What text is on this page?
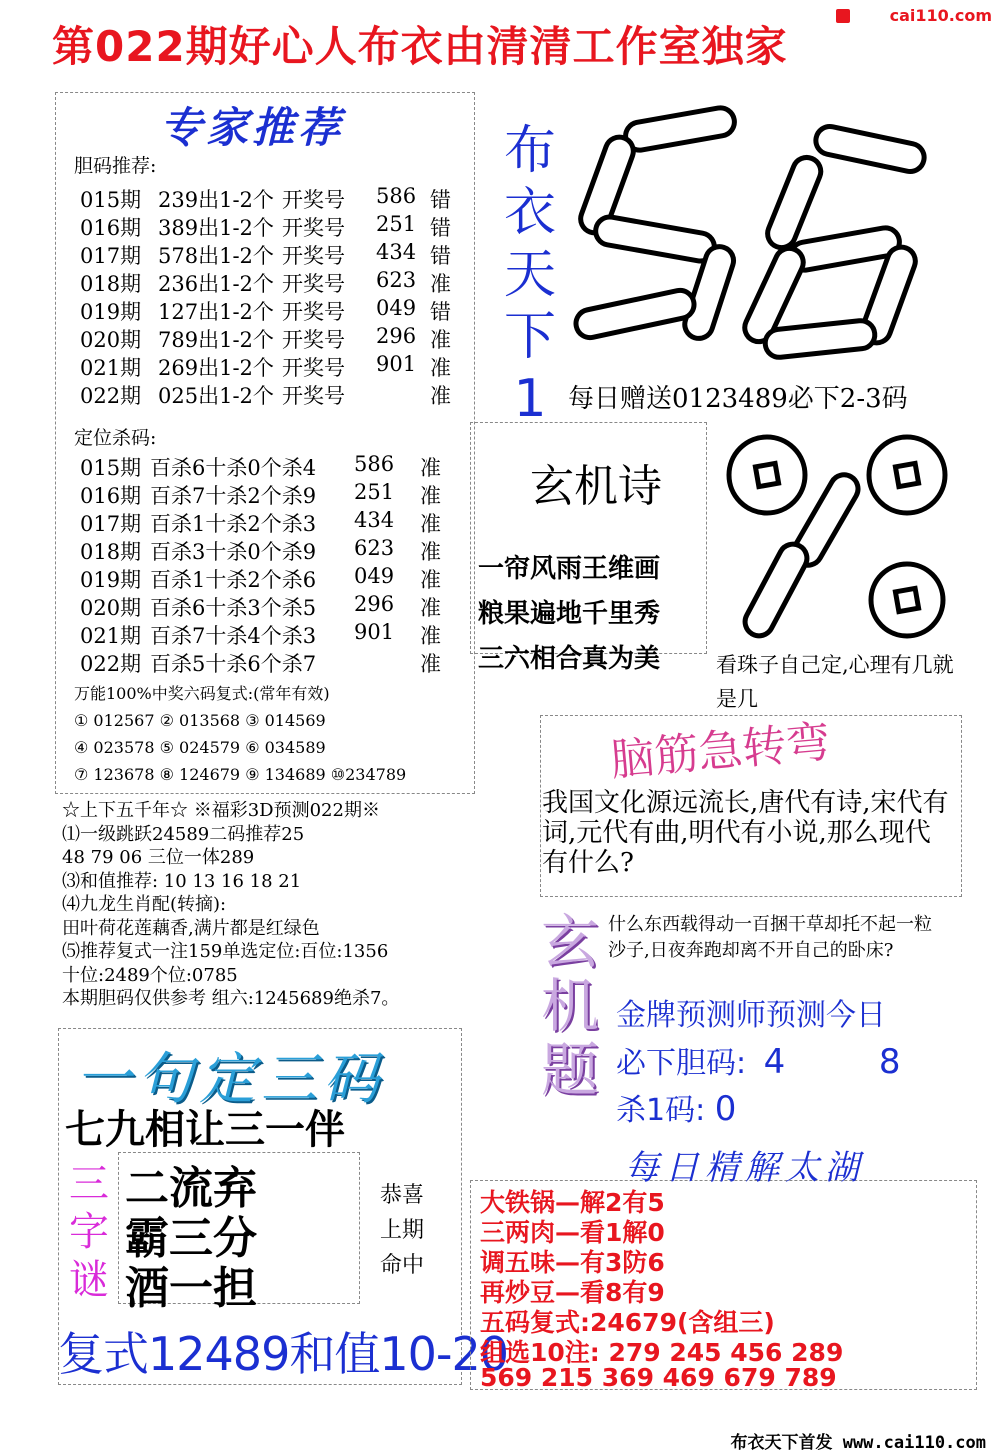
第022期好心人布衣由清清工作室独家
cai110.com
专家推荐
胆码推荐:
015期 239出1-2个 开奖号 586 错
016期 389出1-2个 开奖号 251 错
017期 578出1-2个 开奖号 434 错
018期 236出1-2个 开奖号 623 准
019期 127出1-2个 开奖号 049 错
020期 789出1-2个 开奖号 296 准
021期 269出1-2个 开奖号 901 准
022期 025出1-2个 开奖号	准
定位杀码:
015期 百杀6十杀0个杀4 586 准
016期 百杀7十杀2个杀9 251 准
017期 百杀1十杀2个杀3 434 准
018期 百杀3十杀0个杀9 623 准
019期 百杀1十杀2个杀6 049 准
020期 百杀6十杀3个杀5 296 准
021期 百杀7十杀4个杀3 901 准
022期 百杀5十杀6个杀7	准
万能100%中奖六码复式:(常年有效)
① 012567 ② 013568 ③ 014569
④ 023578 ⑤ 024579 ⑥ 034589
⑦ 123678 ⑧ 124679 ⑨ 134689 ⑩234789
☆上下五千年☆ ※福彩3D预测022期※
⑴一级跳跃24589二码推荐25
48 79 06 三位一体289
⑶和值推荐: 10 13 16 18 21
⑷九龙生肖配(转摘):
田叶荷花莲藕香,满片都是红绿色
⑸推荐复式一注159单选定位:百位:1356
十位:2489个位:0785
本期胆码仅供参考 组六:1245689绝杀7。
一句定三码
七九相让三一伴
三
字
谜
二流弃
霸三分
酒一担
恭喜
上期
命中
复式12489和值10-20
布
衣
天
下
1 每日赠送0123489必下2-3码
玄机诗
一帘风雨王维画
粮果遍地千里秀
三六相合真为美	看珠子自己定,心理有几就是几
脑筋急转弯
我国文化源远流长,唐代有诗,宋代有词,元代有曲,明代有小说,那么现代有什么?
玄
机
题
什么东西载得动一百捆干草却托不起一粒沙子,日夜奔跑却离不开自己的卧床?
金牌预测师预测今日
必下胆码: 4	8
杀1码: 0
每日精解太湖
大铁锅—解2有5
三两肉—看1解0
调五味—有3防6
再炒豆—看8有9
五码复式:24679(含组三)
组选10注: 279 245 456 289
569 215 369 469 679 789
布衣天下首发 www.cai110.com
